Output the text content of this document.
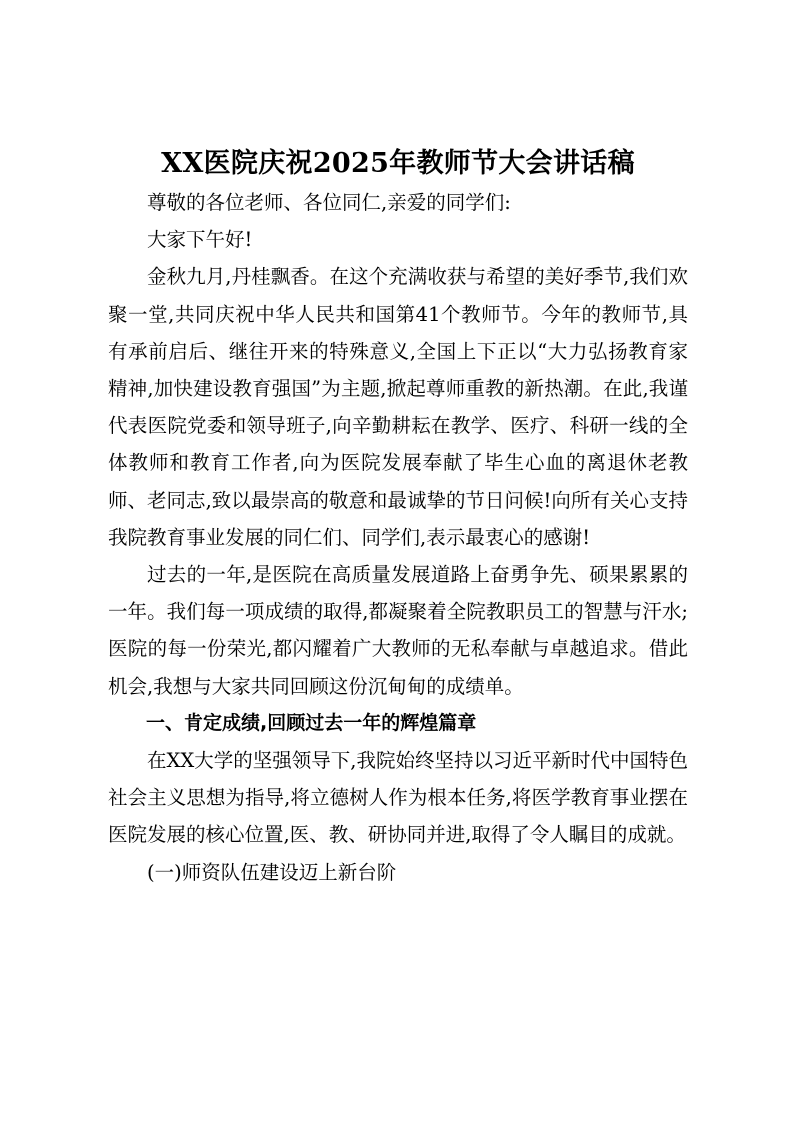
XX医院庆祝2025年教师节大会讲话稿

尊敬的各位老师、各位同仁,亲爱的同学们:

大家下午好!

金秋九月,丹桂飘香。在这个充满收获与希望的美好季节,我们欢聚一堂,共同庆祝中华人民共和国第41个教师节。今年的教师节,具有承前启后、继往开来的特殊意义,全国上下正以“大力弘扬教育家精神,加快建设教育强国”为主题,掀起尊师重教的新热潮。在此,我谨代表医院党委和领导班子,向辛勤耕耘在教学、医疗、科研一线的全体教师和教育工作者,向为医院发展奉献了毕生心血的离退休老教师、老同志,致以最崇高的敬意和最诚挚的节日问候!向所有关心支持我院教育事业发展的同仁们、同学们,表示最衷心的感谢!

过去的一年,是医院在高质量发展道路上奋勇争先、硕果累累的一年。我们每一项成绩的取得,都凝聚着全院教职员工的智慧与汗水;医院的每一份荣光,都闪耀着广大教师的无私奉献与卓越追求。借此机会,我想与大家共同回顾这份沉甸甸的成绩单。

一、肯定成绩,回顾过去一年的辉煌篇章

在XX大学的坚强领导下,我院始终坚持以习近平新时代中国特色社会主义思想为指导,将立德树人作为根本任务,将医学教育事业摆在医院发展的核心位置,医、教、研协同并进,取得了令人瞩目的成就。

(一)师资队伍建设迈上新台阶
